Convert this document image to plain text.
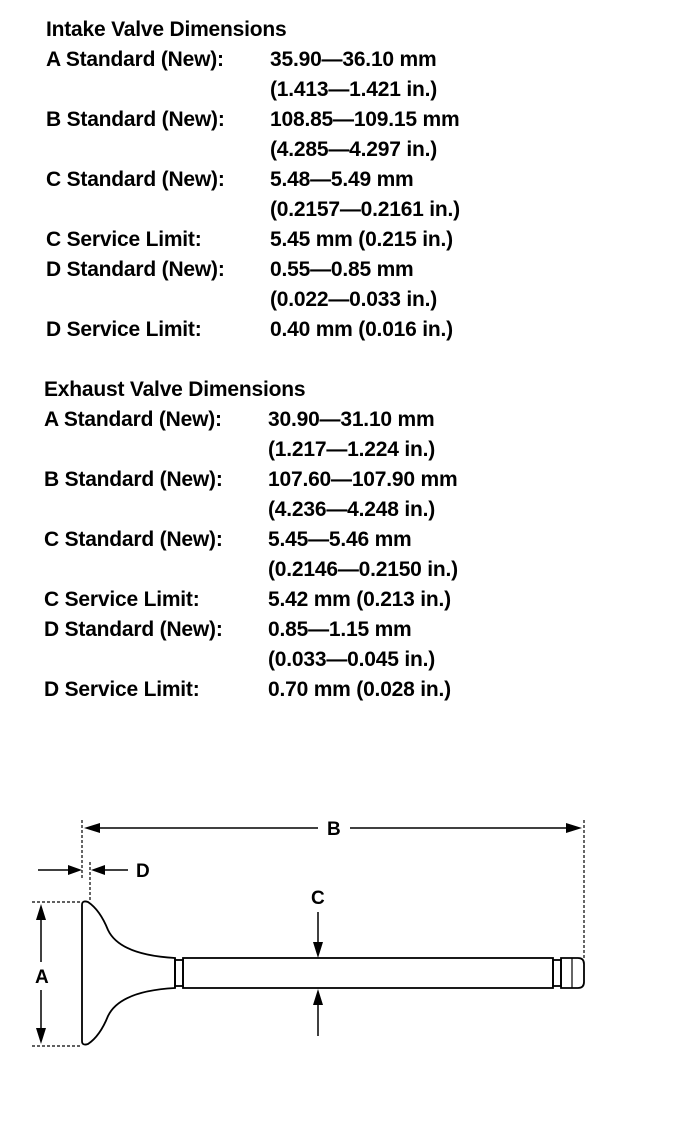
Intake Valve Dimensions
A Standard (New): 35.90—36.10 mm
(1.413—1.421 in.)
B Standard (New): 108.85—109.15 mm
(4.285—4.297 in.)
C Standard (New): 5.48—5.49 mm
(0.2157—0.2161 in.)
C Service Limit:	5.45 mm (0.215 in.)
D Standard (New): 0.55—0.85 mm
(0.022—0.033 in.)
D Service Limit:	0.40 mm (0.016 in.)
Exhaust Valve Dimensions
A Standard (New): 30.90—31.10 mm
(1.217—1.224 in.)
B Standard (New): 107.60—107.90 mm
(4.236—4.248 in.)
C Standard (New): 5.45—5.46 mm
(0.2146—0.2150 in.)
C Service Limit:	5.42 mm (0.213 in.)
D Standard (New): 0.85—1.15 mm
(0.033—0.045 in.)
D Service Limit:	0.70 mm (0.028 in.)
B
D
A
C
